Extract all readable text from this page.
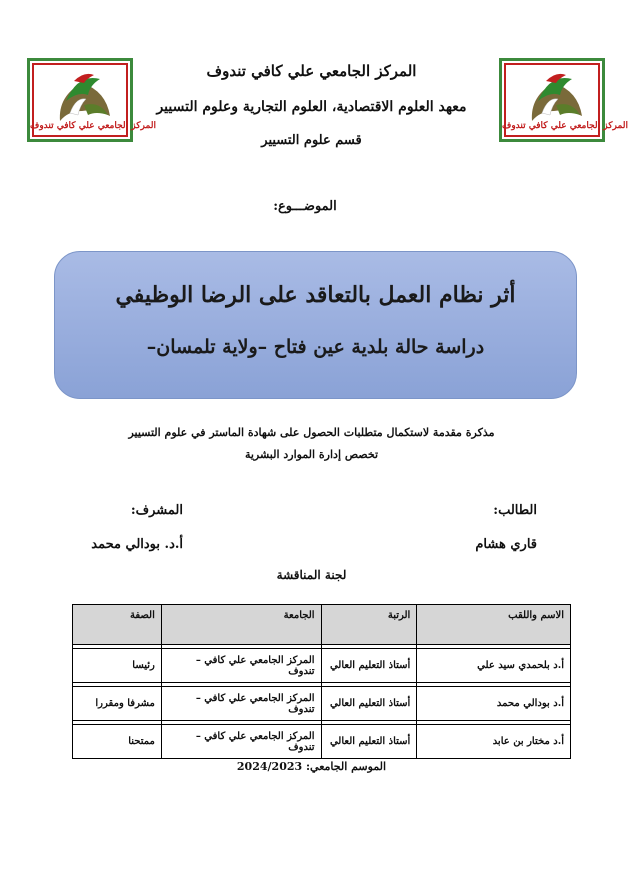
المركز الجامعي علي كافي تندوف	المركز الجامعي علي كافي تندوف
المركز الجامعي علي كافي تندوف
معهد العلوم الاقتصادية، العلوم التجارية وعلوم التسيير
قسم علوم التسيير
الموضـــوع:
أثر نظام العمل بالتعاقد على الرضا الوظيفي
دراسة حالة بلدية عين فتاح –ولاية تلمسان–
مذكرة مقدمة لاستكمال متطلبات الحصول على شهادة الماستر في علوم التسيير
تخصص إدارة الموارد البشرية
الطالب:
قاري هشام
المشرف:
أ.د. بودالي محمد
لجنة المناقشة
الاسم واللقب	الرتبة	الجامعة	الصفة

أ.د بلحمدي سيد علي	أستاذ التعليم العالي	المركز الجامعي علي كافي – تندوف	رئيسا

أ.د بودالي محمد	أستاذ التعليم العالي	المركز الجامعي علي كافي – تندوف	مشرفا ومقررا

أ.د مختار بن عابد	أستاذ التعليم العالي	المركز الجامعي علي كافي – تندوف	ممتحنا
الموسم الجامعي: 2024/2023
